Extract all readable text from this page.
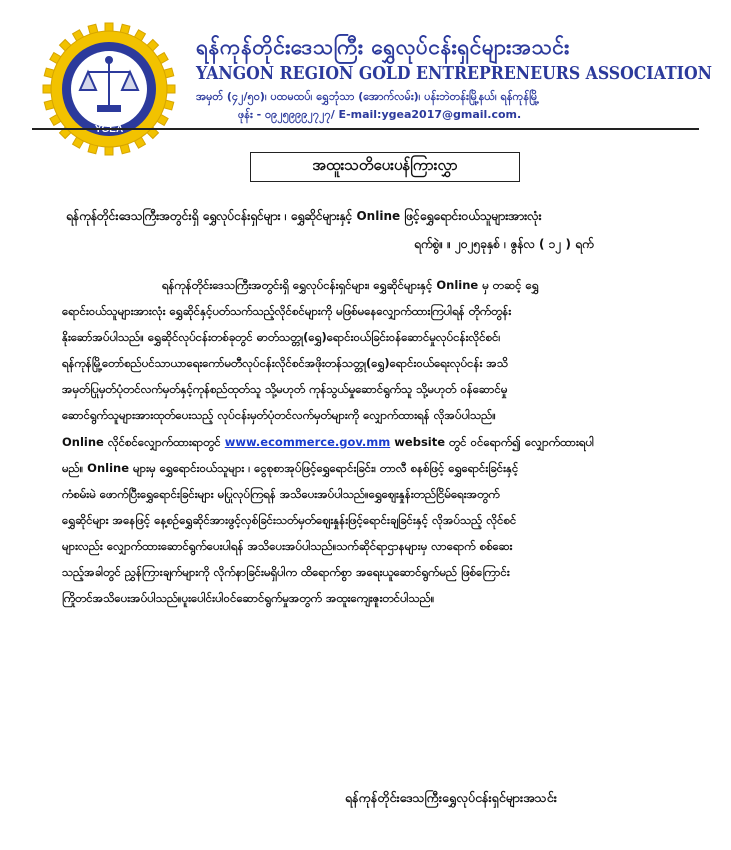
ရန်ကုန်တိုင်းဒေသကြီး ရွှေလုပ်ငန်းရှင်များအသင်း
YANGON REGION GOLD ENTREPRENEURS ASSOCIATION
အမှတ် (၄၂/၅၀)၊ ပထမထပ်၊ ရွှေဘုံသာ (အောက်လမ်း)၊ ပန်းဘဲတန်းမြို့နယ်၊ ရန်ကုန်မြို့
ဖုန်း - ၀၉၂၅၉၉၉၂၇၂၇/ E-mail:ygea2017@gmail.com.
အထူးသတိပေးပန်ကြားလွှာ
ရန်ကုန်တိုင်းဒေသကြီးအတွင်းရှိ ရွှေလုပ်ငန်းရှင်များ ၊ ရွှေဆိုင်များနှင့် Online ဖြင့်ရွှေရောင်းဝယ်သူများအားလုံး
ရက်စွဲ။ ။ ၂၀၂၅ခုနှစ် ၊ ဇွန်လ ( ၁၂ ) ရက်
ရန်ကုန်တိုင်းဒေသကြီးအတွင်းရှိ ရွှေလုပ်ငန်းရှင်များ၊ ရွှေဆိုင်များနှင့် Online မှ တဆင့် ရွှေ
ရောင်းဝယ်သူများအားလုံး ရွှေဆိုင်နှင့်ပတ်သက်သည့်လိုင်စင်များကို မဖြစ်မနေလျှောက်ထားကြပါရန် တိုက်တွန်း
နိုးဆော်အပ်ပါသည်။ ရွှေဆိုင်လုပ်ငန်းတစ်ခုတွင် ဓာတ်သတ္တု(ရွှေ)ရောင်းဝယ်ခြင်းဝန်ဆောင်မှုလုပ်ငန်းလိုင်စင်၊
ရန်ကုန်မြို့တော်စည်ပင်သာယာရေးကော်မတီလုပ်ငန်းလိုင်စင်အဖိုးတန်သတ္တု(ရွှေ)ရောင်းဝယ်ရေးလုပ်ငန်း အသိ
အမှတ်ပြုမှတ်ပုံတင်လက်မှတ်နှင့်ကုန်စည်ထုတ်သူ သို့မဟုတ် ကုန်သွယ်မှုဆောင်ရွက်သူ သို့မဟုတ် ဝန်ဆောင်မှု
ဆောင်ရွက်သူများအားထုတ်ပေးသည့် လုပ်ငန်းမှတ်ပုံတင်လက်မှတ်များကို လျှောက်ထားရန် လိုအပ်ပါသည်။
Online လိုင်စင်လျှောက်ထားရာတွင် www.ecommerce.gov.mm website တွင် ဝင်ရောက်၍ လျှောက်ထားရပါ
မည်။ Online များမှ ရွှေရောင်းဝယ်သူများ ၊ ငွေစုစာအုပ်ဖြင့်ရွှေရောင်းခြင်း၊ တာလီ စနစ်ဖြင့် ရွှေရောင်းခြင်းနှင့်
ကံစမ်းမဲ ဖောက်ပြီးရွှေရောင်းခြင်းများ မပြုလုပ်ကြရန် အသိပေးအပ်ပါသည်။ရွှေဈေးနှုန်းတည်ငြိမ်ရေးအတွက်
ရွှေဆိုင်များ အနေဖြင့် နေ့စဉ်ရွှေဆိုင်အားဖွင့်လှစ်ခြင်းသတ်မှတ်ဈေးနှုန်းဖြင့်ရောင်းချခြင်းနှင့် လိုအပ်သည့် လိုင်စင်
များလည်း လျှောက်ထားဆောင်ရွက်ပေးပါရန် အသိပေးအပ်ပါသည်။သက်ဆိုင်ရာဌာနများမှ လာရောက် စစ်ဆေး
သည့်အခါတွင် ညွှန်ကြားချက်များကို လိုက်နာခြင်းမရှိပါက ထိရောက်စွာ အရေးယူဆောင်ရွက်မည် ဖြစ်ကြောင်း
ကြိုတင်အသိပေးအပ်ပါသည်။ပူးပေါင်းပါဝင်ဆောင်ရွက်မှုအတွက် အထူးကျေးဇူးတင်ပါသည်။
ရန်ကုန်တိုင်းဒေသကြီးရွှေလုပ်ငန်းရှင်များအသင်း
